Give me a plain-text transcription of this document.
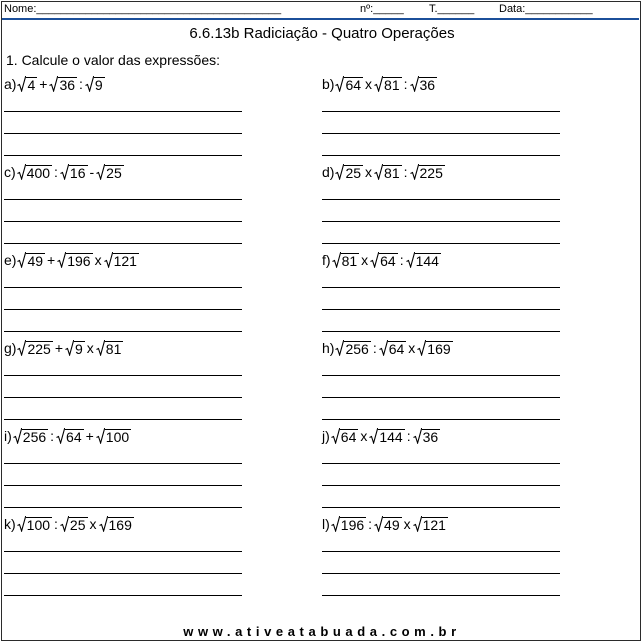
Nome:________________________________________	nº:_____ T.______ Data:___________
6.6.13b Radiciação - Quatro Operações
1. Calcule o valor das expressões:
a) 4 + 36 : 9	b) 64 x 81 : 36
c) 400 : 16 - 25	d) 25 x 81 : 225
e) 49 + 196 x 121	f) 81 x 64 : 144
g) 225 + 9 x 81	h) 256 : 64 x 169
i) 256 : 64 + 100	j) 64 x 144 : 36
k) 100 : 25 x 169	l) 196 : 49 x 121
www.ativeatabuada.com.br
